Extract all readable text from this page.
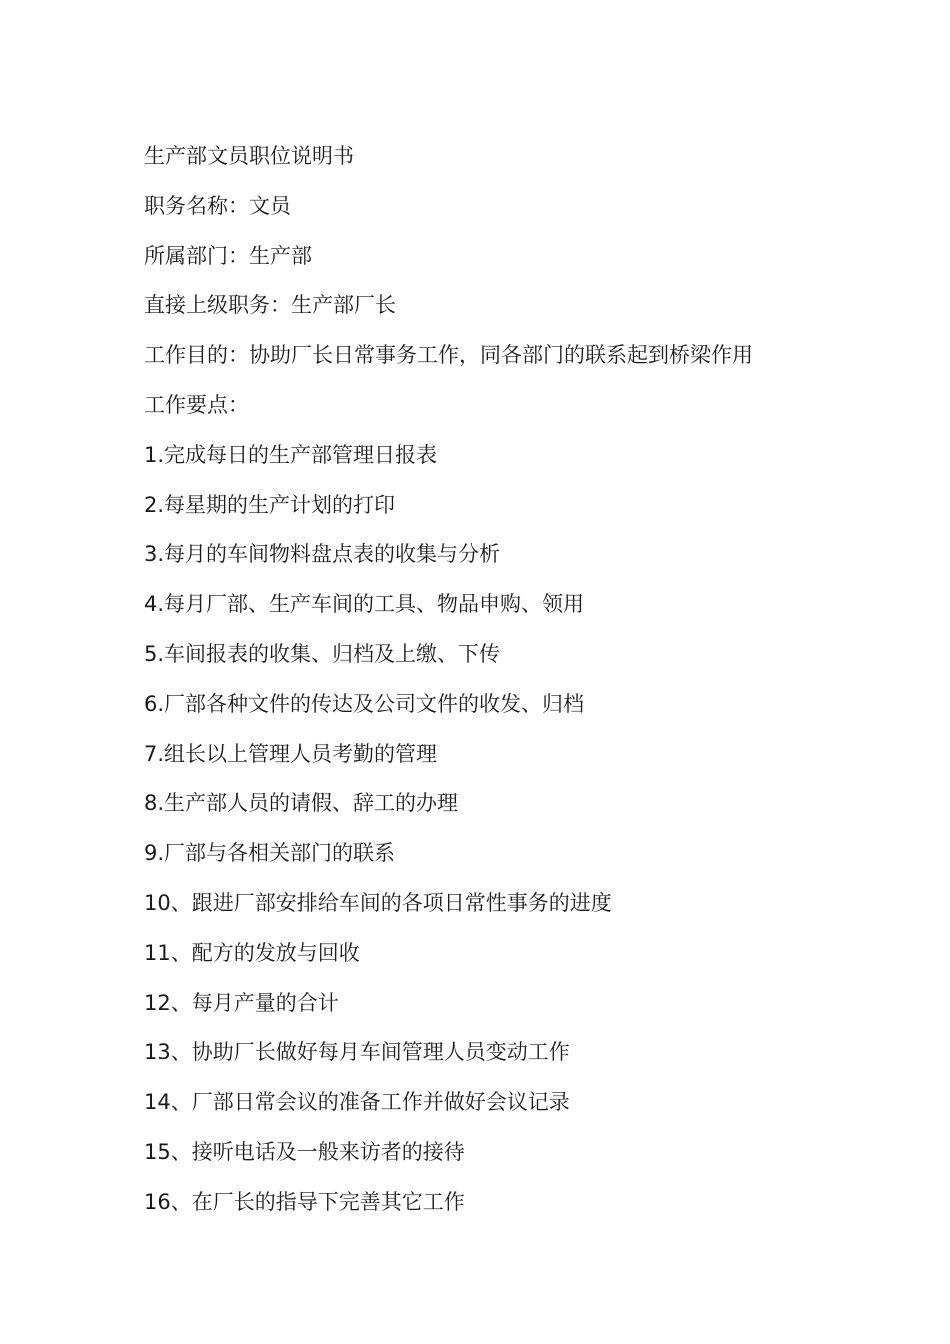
生产部文员职位说明书
职务名称：文员
所属部门：生产部
直接上级职务：生产部厂长
工作目的：协助厂长日常事务工作，同各部门的联系起到桥梁作用
工作要点：
1.完成每日的生产部管理日报表
2.每星期的生产计划的打印
3.每月的车间物料盘点表的收集与分析
4.每月厂部、生产车间的工具、物品申购、领用
5.车间报表的收集、归档及上缴、下传
6.厂部各种文件的传达及公司文件的收发、归档
7.组长以上管理人员考勤的管理
8.生产部人员的请假、辞工的办理
9.厂部与各相关部门的联系
10、跟进厂部安排给车间的各项日常性事务的进度
11、配方的发放与回收
12、每月产量的合计
13、协助厂长做好每月车间管理人员变动工作
14、厂部日常会议的准备工作并做好会议记录
15、接听电话及一般来访者的接待
16、在厂长的指导下完善其它工作
